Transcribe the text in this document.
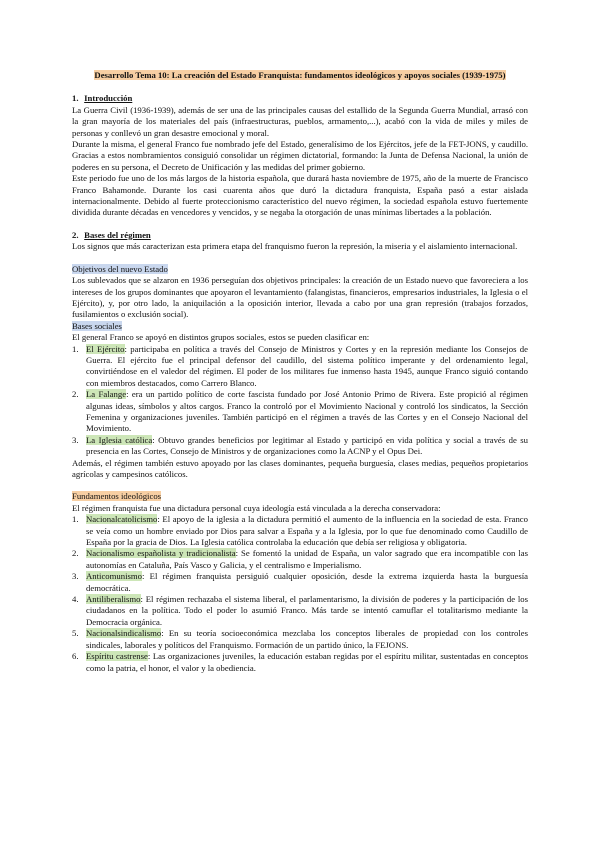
Desarrollo Tema 10: La creación del Estado Franquista: fundamentos ideológicos y apoyos sociales (1939-1975)

1. Introducción

La Guerra Civil (1936-1939), además de ser una de las principales causas del estallido de la Segunda Guerra Mundial, arrasó con la gran mayoría de los materiales del país (infraestructuras, pueblos, armamento,...), acabó con la vida de miles y miles de personas y conllevó un gran desastre emocional y moral.

Durante la misma, el general Franco fue nombrado jefe del Estado, generalísimo de los Ejércitos, jefe de la FET-JONS, y caudillo. Gracias a estos nombramientos consiguió consolidar un régimen dictatorial, formando: la Junta de Defensa Nacional, la unión de poderes en su persona, el Decreto de Unificación y las medidas del primer gobierno.

Este periodo fue uno de los más largos de la historia española, que durará hasta noviembre de 1975, año de la muerte de Francisco Franco Bahamonde. Durante los casi cuarenta años que duró la dictadura franquista, España pasó a estar aislada internacionalmente. Debido al fuerte proteccionismo característico del nuevo régimen, la sociedad española estuvo fuertemente dividida durante décadas en vencedores y vencidos, y se negaba la otorgación de unas mínimas libertades a la población.

2. Bases del régimen

Los signos que más caracterizan esta primera etapa del franquismo fueron la represión, la miseria y el aislamiento internacional.

Objetivos del nuevo Estado

Los sublevados que se alzaron en 1936 perseguían dos objetivos principales: la creación de un Estado nuevo que favoreciera a los intereses de los grupos dominantes que apoyaron el levantamiento (falangistas, financieros, empresarios industriales, la Iglesia o el Ejército), y, por otro lado, la aniquilación a la oposición interior, llevada a cabo por una gran represión (trabajos forzados, fusilamientos o exclusión social).

Bases sociales

El general Franco se apoyó en distintos grupos sociales, estos se pueden clasificar en:

1. El Ejército: participaba en política a través del Consejo de Ministros y Cortes y en la represión mediante los Consejos de Guerra. El ejército fue el principal defensor del caudillo, del sistema político imperante y del ordenamiento legal, convirtiéndose en el valedor del régimen. El poder de los militares fue inmenso hasta 1945, aunque Franco siguió contando con miembros destacados, como Carrero Blanco.
2. La Falange: era un partido político de corte fascista fundado por José Antonio Primo de Rivera. Este propició al régimen algunas ideas, símbolos y altos cargos. Franco la controló por el Movimiento Nacional y controló los sindicatos, la Sección Femenina y organizaciones juveniles. También participó en el régimen a través de las Cortes y en el Consejo Nacional del Movimiento.
3. La Iglesia católica: Obtuvo grandes beneficios por legitimar al Estado y participó en vida política y social a través de su presencia en las Cortes, Consejo de Ministros y de organizaciones como la ACNP y el Opus Dei.

Además, el régimen también estuvo apoyado por las clases dominantes, pequeña burguesía, clases medias, pequeños propietarios agrícolas y campesinos católicos.

Fundamentos ideológicos

El régimen franquista fue una dictadura personal cuya ideología está vinculada a la derecha conservadora:

1. Nacionalcatolicismo: El apoyo de la iglesia a la dictadura permitió el aumento de la influencia en la sociedad de esta. Franco se veía como un hombre enviado por Dios para salvar a España y a la Iglesia, por lo que fue denominado como Caudillo de España por la gracia de Dios. La Iglesia católica controlaba la educación que debía ser religiosa y obligatoria.
2. Nacionalismo españolista y tradicionalista: Se fomentó la unidad de España, un valor sagrado que era incompatible con las autonomías en Cataluña, País Vasco y Galicia, y el centralismo e Imperialismo.
3. Anticomunismo: El régimen franquista persiguió cualquier oposición, desde la extrema izquierda hasta la burguesía democrática.
4. Antiliberalismo: El régimen rechazaba el sistema liberal, el parlamentarismo, la división de poderes y la participación de los ciudadanos en la política. Todo el poder lo asumió Franco. Más tarde se intentó camuflar el totalitarismo mediante la Democracia orgánica.
5. Nacionalsindicalismo: En su teoría socioeconómica mezclaba los conceptos liberales de propiedad con los controles sindicales, laborales y políticos del Franquismo. Formación de un partido único, la FEJONS.
6. Espíritu castrense: Las organizaciones juveniles, la educación estaban regidas por el espíritu militar, sustentadas en conceptos como la patria, el honor, el valor y la obediencia.
